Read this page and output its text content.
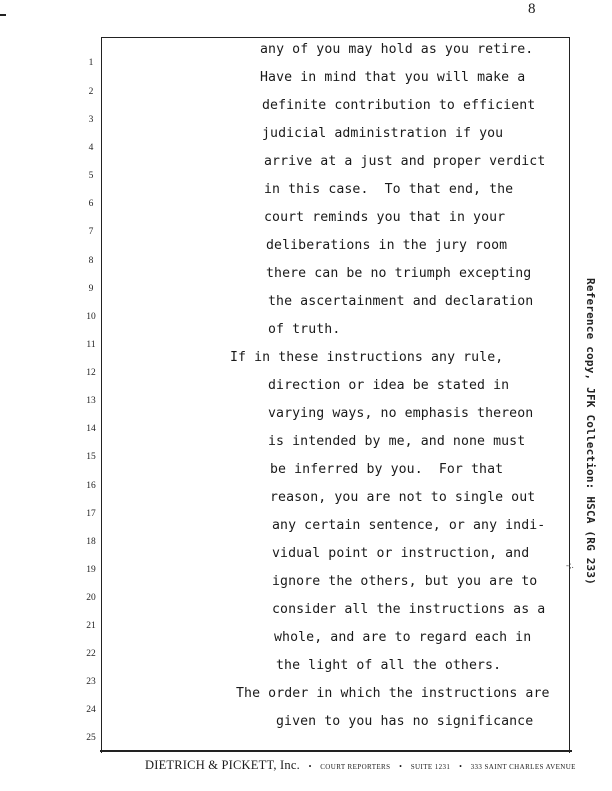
8
1
2
3
4
5
6
7
8
9
10
11
12
13
14
15
16
17
18
19
20
21
22
23
24
25
any of you may hold as you retire.
Have in mind that you will make a
definite contribution to efficient
judicial administration if you
arrive at a just and proper verdict
in this case.  To that end, the
court reminds you that in your
deliberations in the jury room
there can be no triumph excepting
the ascertainment and declaration
of truth.
If in these instructions any rule,
direction or idea be stated in
varying ways, no emphasis thereon
is intended by me, and none must
be inferred by you.  For that
reason, you are not to single out
any certain sentence, or any indi-
vidual point or instruction, and
ignore the others, but you are to
consider all the instructions as a
whole, and are to regard each in
the light of all the others.
The order in which the instructions are
given to you has no significance
Reference copy, JFK Collection: HSCA (RG 233)
-;.
DIETRICH & PICKETT, Inc. • COURT REPORTERS • SUITE 1231 • 333 SAINT CHARLES AVENUE
